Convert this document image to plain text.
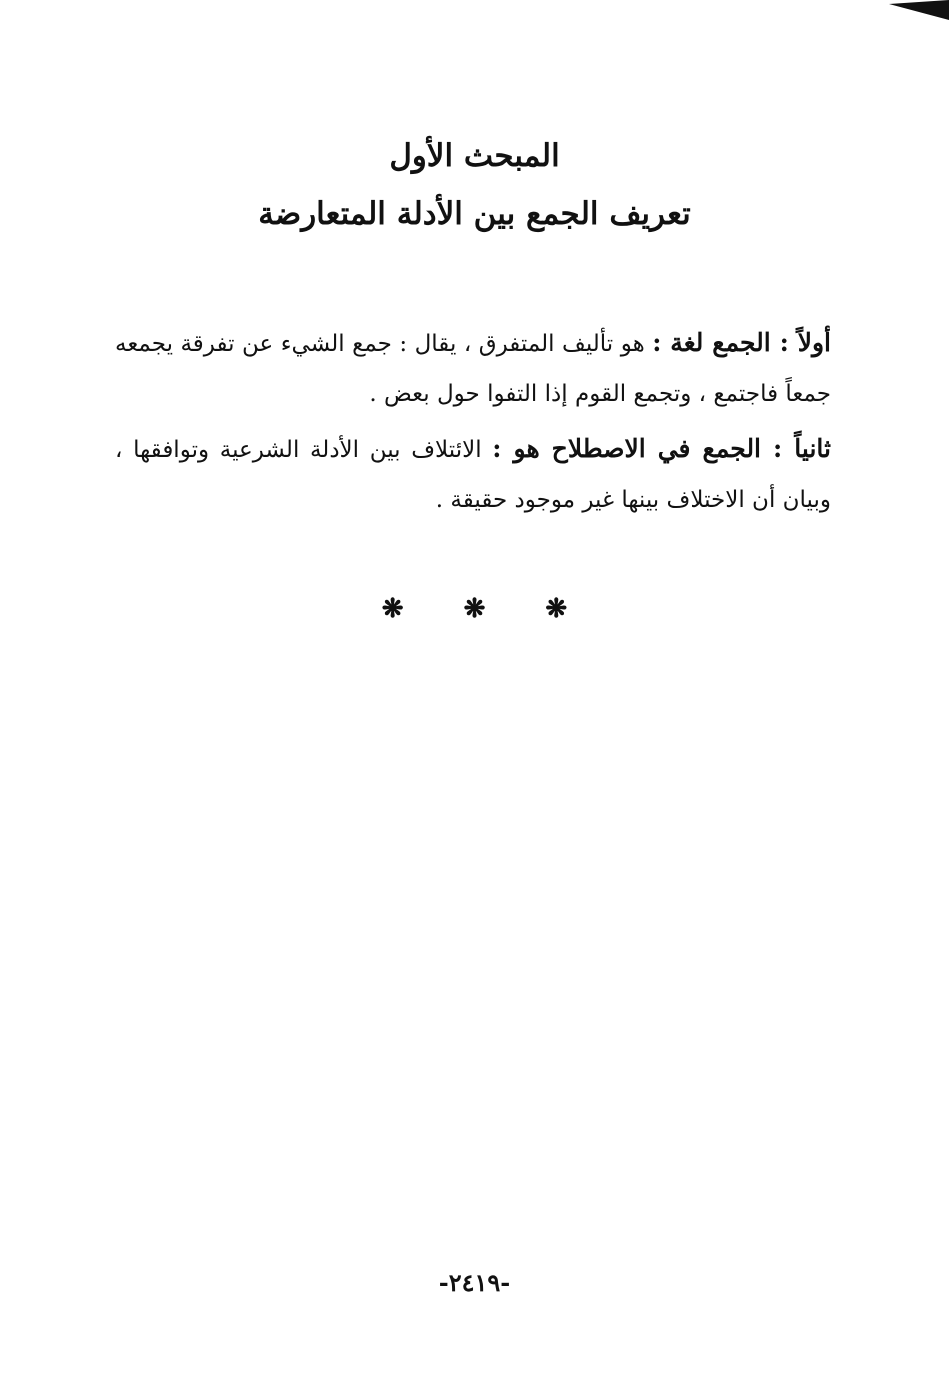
المبحث الأول
تعريف الجمع بين الأدلة المتعارضة

أولاً : الجمع لغة : هو تأليف المتفرق ، يقال : جمع الشيء عن تفرقة يجمعه جمعاً فاجتمع ، وتجمع القوم إذا التفوا حول بعض .

ثانياً : الجمع في الاصطلاح هو : الائتلاف بين الأدلة الشرعية وتوافقها ، وبيان أن الاختلاف بينها غير موجود حقيقة .

❋❋❋
-٢٤١٩-
